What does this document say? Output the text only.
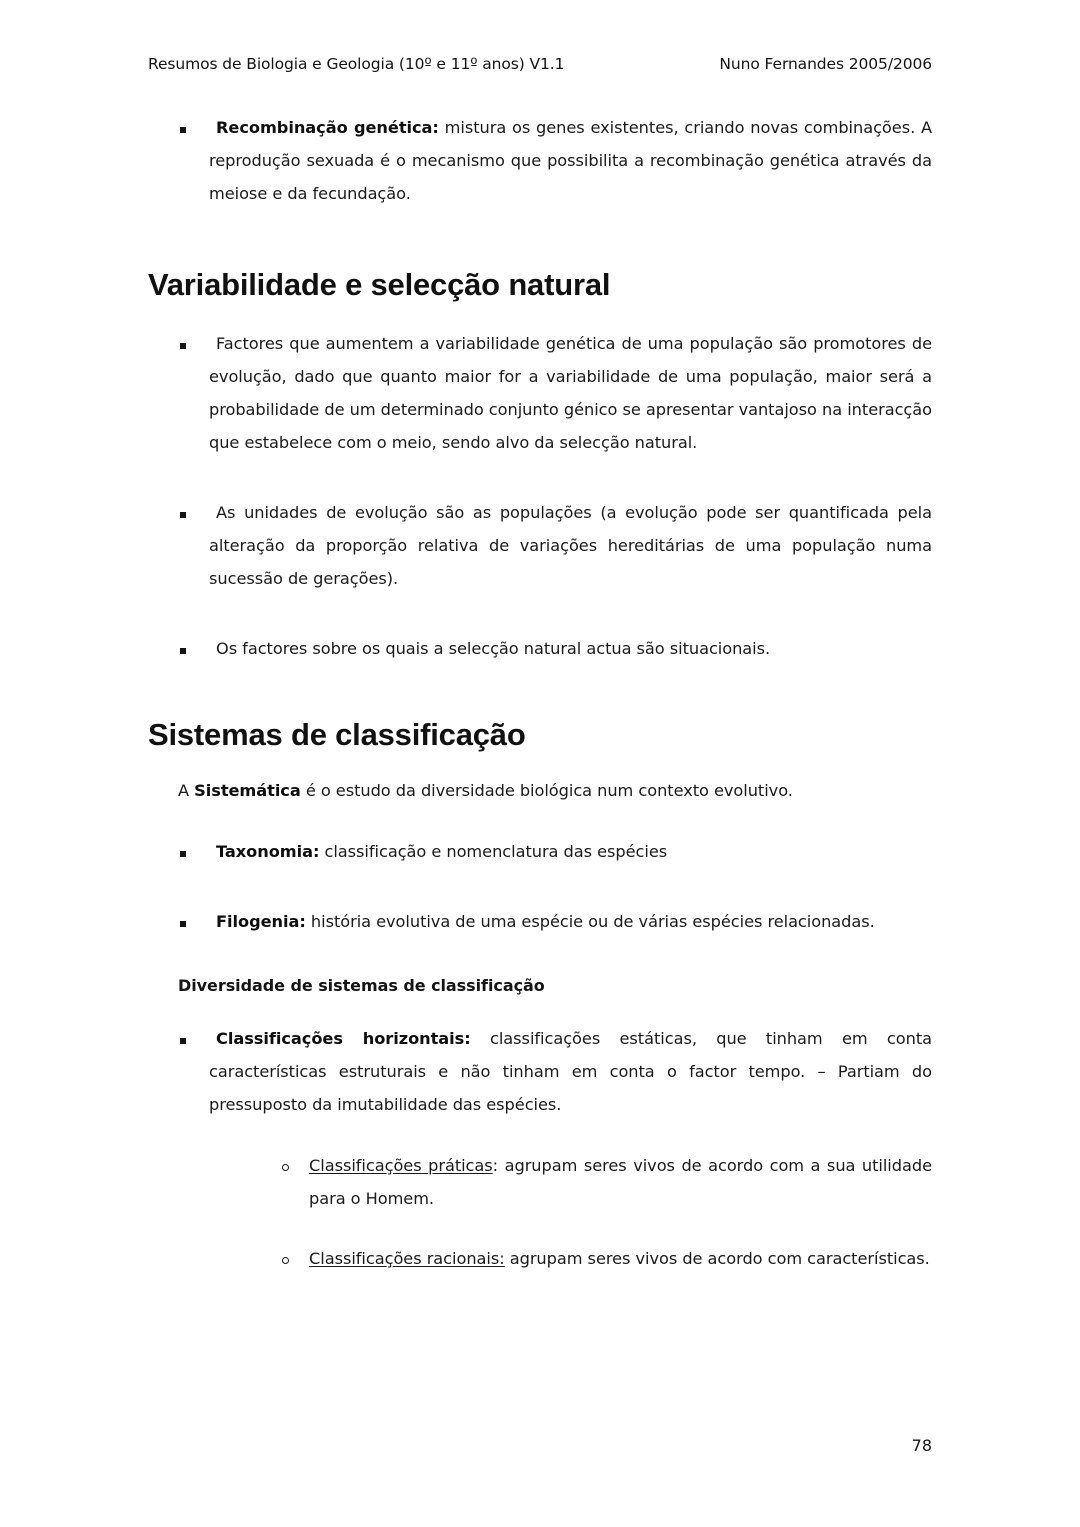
Resumos de Biologia e Geologia (10º e 11º anos) V1.1	Nuno Fernandes 2005/2006
Recombinação genética: mistura os genes existentes, criando novas combinações. A reprodução sexuada é o mecanismo que possibilita a recombinação genética através da meiose e da fecundação.
Variabilidade e selecção natural
Factores que aumentem a variabilidade genética de uma população são promotores de evolução, dado que quanto maior for a variabilidade de uma população, maior será a probabilidade de um determinado conjunto génico se apresentar vantajoso na interacção que estabelece com o meio, sendo alvo da selecção natural.
As unidades de evolução são as populações (a evolução pode ser quantificada pela alteração da proporção relativa de variações hereditárias de uma população numa sucessão de gerações).
Os factores sobre os quais a selecção natural actua são situacionais.
Sistemas de classificação
A Sistemática é o estudo da diversidade biológica num contexto evolutivo.
Taxonomia: classificação e nomenclatura das espécies
Filogenia: história evolutiva de uma espécie ou de várias espécies relacionadas.
Diversidade de sistemas de classificação
Classificações horizontais: classificações estáticas, que tinham em conta características estruturais e não tinham em conta o factor tempo. – Partiam do pressuposto da imutabilidade das espécies.
Classificações práticas: agrupam seres vivos de acordo com a sua utilidade para o Homem.
Classificações racionais: agrupam seres vivos de acordo com características.
78
